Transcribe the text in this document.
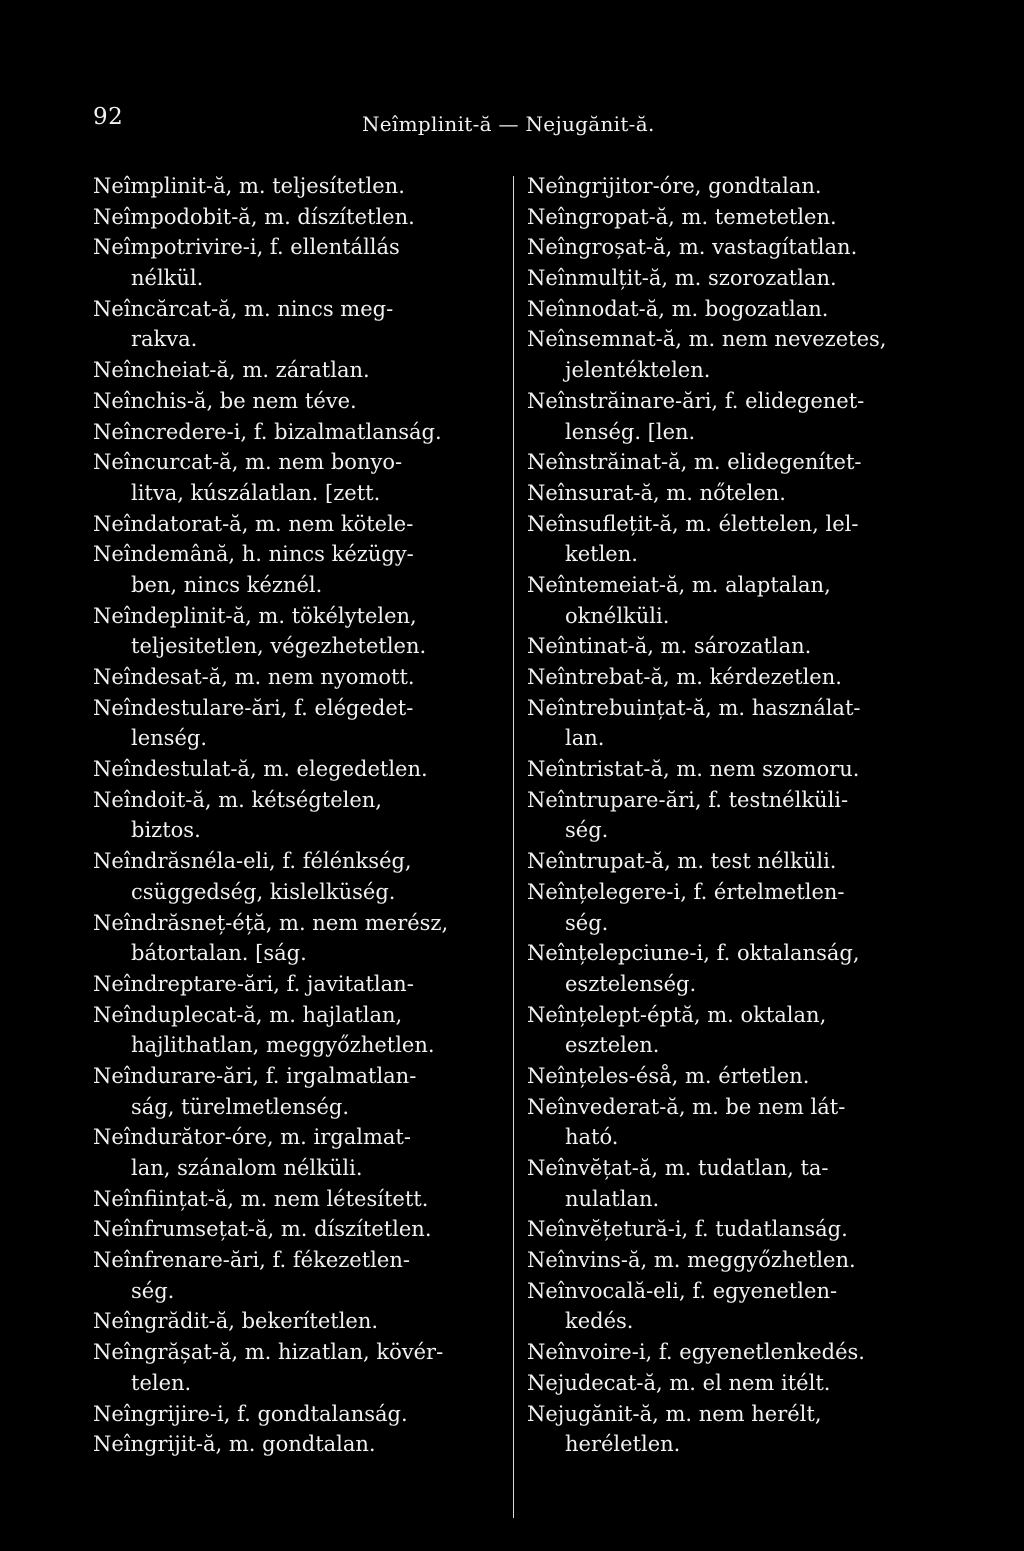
92	Neîmplinit-ă — Nejugănit-ă.
Neîmplinit-ă, m. teljesítetlen.
Neîmpodobit-ă, m. díszítetlen.
Neîmpotrivire-i, f. ellentállás
nélkül.
Neîncărcat-ă, m. nincs meg-
rakva.
Neîncheiat-ă, m. záratlan.
Neînchis-ă, be nem téve.
Neîncredere-i, f. bizalmatlanság.
Neîncurcat-ă, m. nem bonyo-
litva, kúszálatlan. [zett.
Neîndatorat-ă, m. nem kötele-
Neîndemână, h. nincs kézügy-
ben, nincs kéznél.
Neîndeplinit-ă, m. tökélytelen,
teljesitetlen, végezhetetlen.
Neîndesat-ă, m. nem nyomott.
Neîndestulare-ări, f. elégedet-
lenség.
Neîndestulat-ă, m. elegedetlen.
Neîndoit-ă, m. kétségtelen,
biztos.
Neîndrăsnéla-eli, f. félénkség,
csüggedség, kislelküség.
Neîndrăsneț-éță, m. nem merész,
bátortalan. [ság.
Neîndreptare-ări, f. javitatlan-
Neînduplecat-ă, m. hajlatlan,
hajlithatlan, meggyőzhetlen.
Neîndurare-ări, f. irgalmatlan-
ság, türelmetlenség.
Neîndurător-óre, m. irgalmat-
lan, szánalom nélküli.
Neînființat-ă, m. nem létesített.
Neînfrumsețat-ă, m. díszítetlen.
Neînfrenare-ări, f. fékezetlen-
ség.
Neîngrădit-ă, bekerítetlen.
Neîngrășat-ă, m. hizatlan, kövér-
telen.
Neîngrijire-i, f. gondtalanság.
Neîngrijit-ă, m. gondtalan.
Neîngrijitor-óre, gondtalan.
Neîngropat-ă, m. temetetlen.
Neîngroșat-ă, m. vastagítatlan.
Neînmulțit-ă, m. szorozatlan.
Neînnodat-ă, m. bogozatlan.
Neînsemnat-ă, m. nem nevezetes,
jelentéktelen.
Neînstrăinare-ări, f. elidegenet-
lenség. [len.
Neînstrăinat-ă, m. elidegenítet-
Neînsurat-ă, m. nőtelen.
Neînsuflețit-ă, m. élettelen, lel-
ketlen.
Neîntemeiat-ă, m. alaptalan,
oknélküli.
Neîntinat-ă, m. sározatlan.
Neîntrebat-ă, m. kérdezetlen.
Neîntrebuințat-ă, m. használat-
lan.
Neîntristat-ă, m. nem szomoru.
Neîntrupare-ări, f. testnélküli-
ség.
Neîntrupat-ă, m. test nélküli.
Neînțelegere-i, f. értelmetlen-
ség.
Neînțelepciune-i, f. oktalanság,
esztelenség.
Neînțelept-éptă, m. oktalan,
esztelen.
Neînțeles-éså, m. értetlen.
Neînvederat-ă, m. be nem lát-
ható.
Neînvĕțat-ă, m. tudatlan, ta-
nulatlan.
Neînvĕțetură-i, f. tudatlanság.
Neînvins-ă, m. meggyőzhetlen.
Neînvocală-eli, f. egyenetlen-
kedés.
Neînvoire-i, f. egyenetlenkedés.
Nejudecat-ă, m. el nem itélt.
Nejugănit-ă, m. nem herélt,
heréletlen.
